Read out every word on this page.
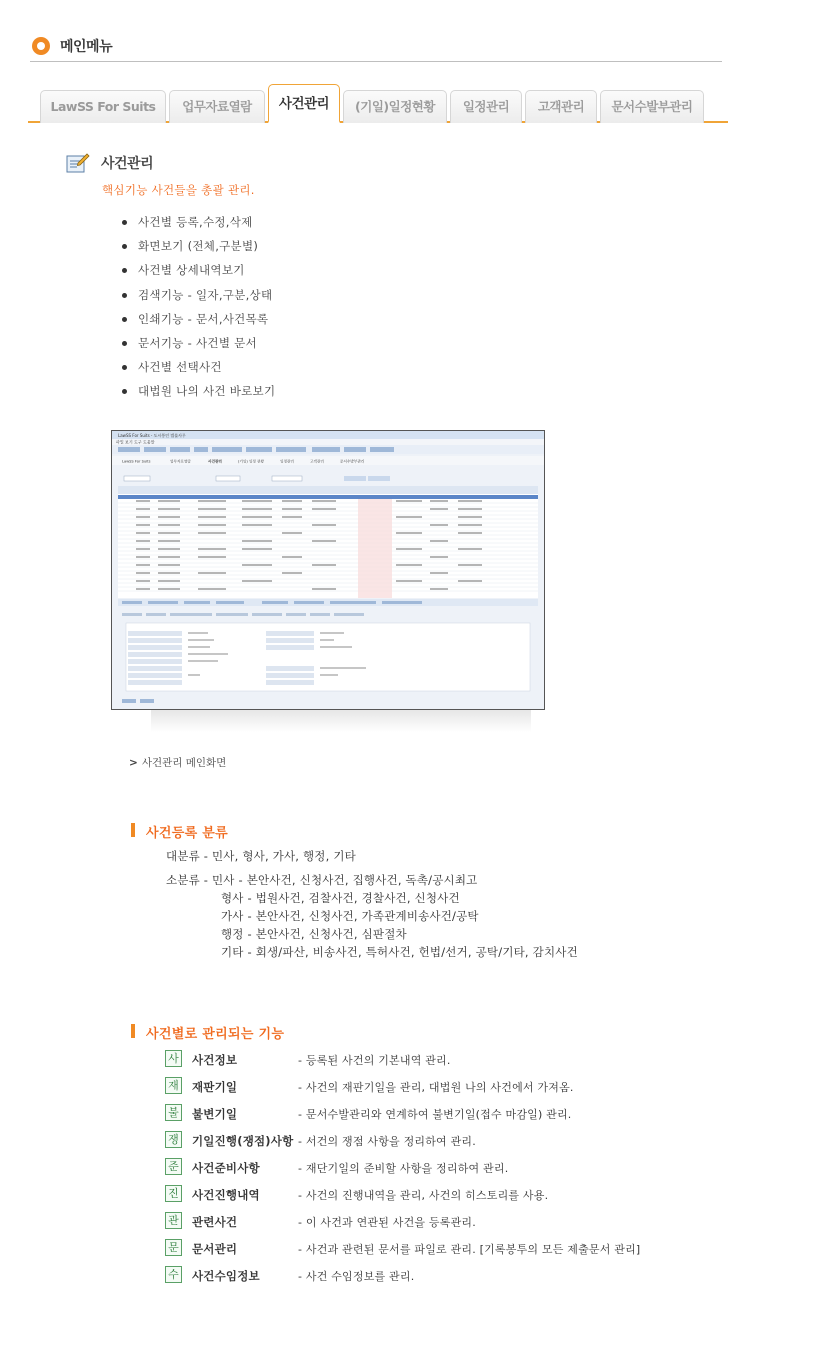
메인메뉴
LawSS For Suits	업무자료열람	사건관리	(기일)일정현황	일정관리	고객관리	문서수발부관리
사건관리
핵심기능 사건들을 총괄 관리.
사건별 등록,수정,삭제
화면보기 (전체,구분별)
사건별 상세내역보기
검색기능 - 일자,구분,상태
인쇄기능 - 문서,사건목록
문서기능 - 사건별 문서
사건별 선택사건
대법원 나의 사건 바로보기
LawSS For Suits - 도시풍인 법률사무
파일 보기 도구 도움말
LawSS For Suits	업무자료열람	사건관리	(기일) 일정 현황	일정관리	고객관리	문서수발부관리
> 사건관리 메인화면
사건등록 분류
대분류 - 민사, 형사, 가사, 행정, 기타
소분류 - 민사 - 본안사건, 신청사건, 집행사건, 독촉/공시최고
형사 - 법원사건, 검찰사건, 경찰사건, 신청사건
가사 - 본안사건, 신청사건, 가족관계비송사건/공탁
행정 - 본안사건, 신청사건, 심판절차
기타 - 회생/파산, 비송사건, 특허사건, 헌법/선거, 공탁/기타, 감치사건
사건별로 관리되는 기능
사 사건정보	- 등록된 사건의 기본내역 관리.
재 재판기일	- 사건의 재판기일을 관리, 대법원 나의 사건에서 가져옴.
불 불변기일	- 문서수발관리와 연계하여 불변기일(접수 마감일) 관리.
쟁 기일진행(쟁점)사항 - 서건의 쟁점 사항을 정리하여 관리.
준 사건준비사항	- 재단기일의 준비할 사항을 정리하여 관리.
진 사건진행내역	- 사건의 진행내역을 관리, 사건의 히스토리를 사용.
관 관련사건	- 이 사건과 연관된 사건을 등록관리.
문 문서관리	- 사건과 관련된 문서를 파일로 관리. [기록봉투의 모든 제출문서 관리]
수 사건수임정보	- 사건 수임정보를 관리.
